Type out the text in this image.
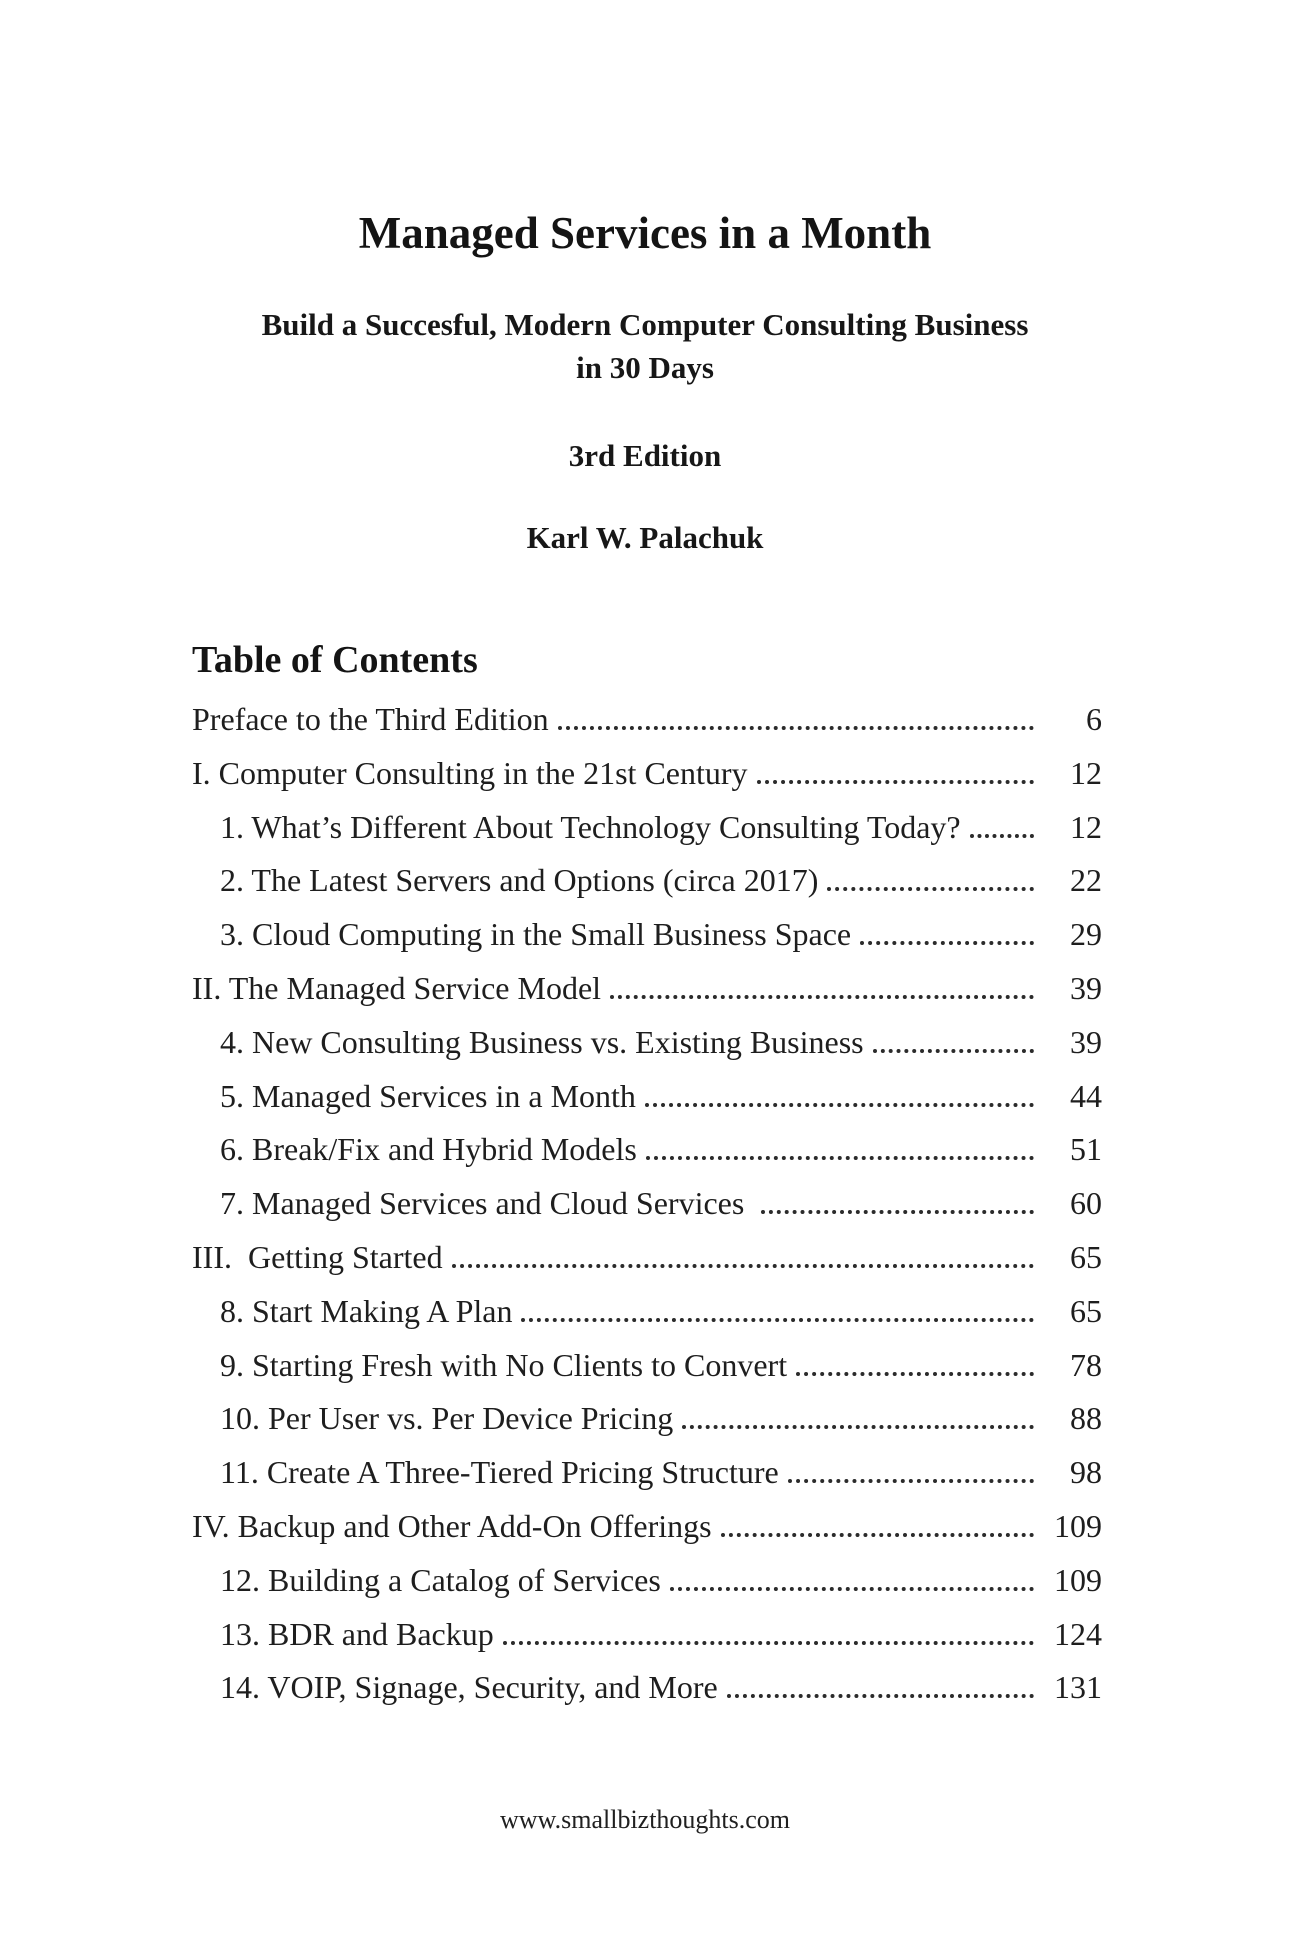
Managed Services in a Month
Build a Succesful, Modern Computer Consulting Business
in 30 Days
3rd Edition
Karl W. Palachuk
Table of Contents
Preface to the Third Edition	6
I. Computer Consulting in the 21st Century	12
1. What’s Different About Technology Consulting Today?	12
2. The Latest Servers and Options (circa 2017)	22
3. Cloud Computing in the Small Business Space	29
II. The Managed Service Model	39
4. New Consulting Business vs. Existing Business	39
5. Managed Services in a Month	44
6. Break/Fix and Hybrid Models	51
7. Managed Services and Cloud Services	60
III.  Getting Started	65
8. Start Making A Plan	65
9. Starting Fresh with No Clients to Convert	78
10. Per User vs. Per Device Pricing	88
11. Create A Three-Tiered Pricing Structure	98
IV. Backup and Other Add-On Offerings	109
12. Building a Catalog of Services	109
13. BDR and Backup	124
14. VOIP, Signage, Security, and More	131
www.smallbizthoughts.com
